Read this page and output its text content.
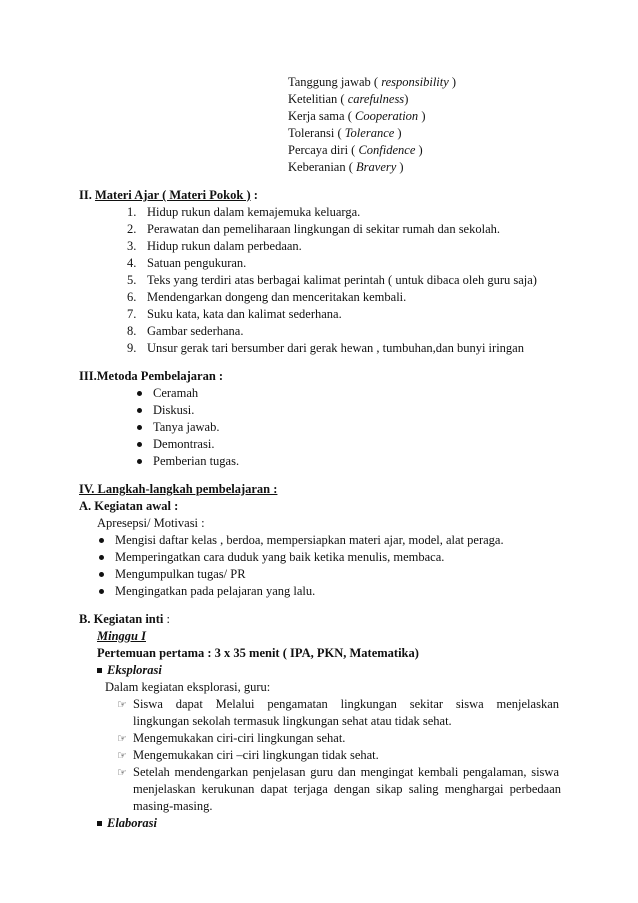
Tanggung jawab ( responsibility )
Ketelitian ( carefulness)
Kerja sama ( Cooperation )
Toleransi ( Tolerance )
Percaya diri ( Confidence )
Keberanian ( Bravery )
II. Materi Ajar ( Materi Pokok ) :
1. Hidup rukun dalam kemajemuka keluarga.
2. Perawatan dan pemeliharaan lingkungan di sekitar rumah dan sekolah.
3. Hidup rukun dalam perbedaan.
4. Satuan pengukuran.
5. Teks yang terdiri atas berbagai kalimat perintah ( untuk dibaca oleh guru saja)
6. Mendengarkan dongeng dan menceritakan kembali.
7. Suku kata, kata dan kalimat sederhana.
8. Gambar sederhana.
9. Unsur gerak tari bersumber dari gerak hewan , tumbuhan,dan bunyi iringan
III.Metoda Pembelajaran :
Ceramah
Diskusi.
Tanya jawab.
Demontrasi.
Pemberian tugas.
IV. Langkah-langkah pembelajaran :
A. Kegiatan awal :
Apresepsi/ Motivasi :
Mengisi daftar kelas , berdoa, mempersiapkan materi ajar, model, alat peraga.
Memperingatkan cara duduk yang baik ketika menulis, membaca.
Mengumpulkan tugas/ PR
Mengingatkan pada pelajaran yang lalu.
B. Kegiatan inti :
Minggu I
Pertemuan pertama : 3 x 35 menit ( IPA, PKN, Matematika)
Eksplorasi
Dalam kegiatan eksplorasi, guru:
☞ Siswa dapat Melalui pengamatan lingkungan sekitar siswa menjelaskan
lingkungan sekolah termasuk lingkungan sehat atau tidak sehat.
☞ Mengemukakan ciri-ciri lingkungan sehat.
☞ Mengemukakan ciri –ciri lingkungan tidak sehat.
☞ Setelah mendengarkan penjelasan guru dan mengingat kembali pengalaman, siswa
menjelaskan kerukunan dapat terjaga dengan sikap saling menghargai perbedaan
masing-masing.
Elaborasi
